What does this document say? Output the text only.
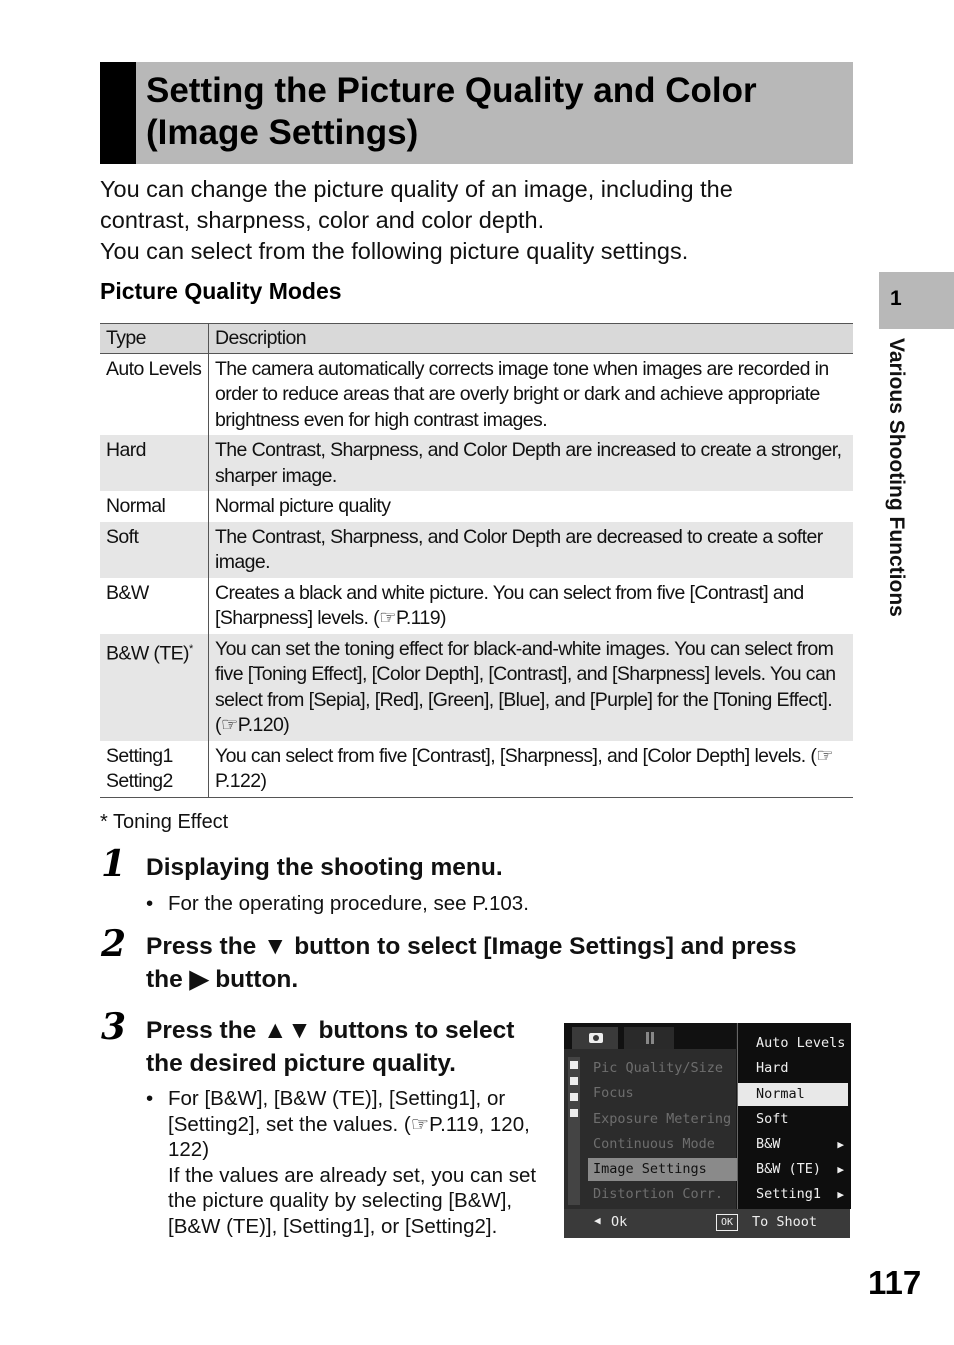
Setting the Picture Quality and Color
(Image Settings)

You can change the picture quality of an image, including the

contrast, sharpness, color and color depth.

You can select from the following picture quality settings.

Picture Quality Modes
Type	Description
Auto Levels	The camera automatically corrects image tone when images are recorded in order to reduce areas that are overly bright or dark and achieve appropriate brightness even for high contrast images.
Hard	The Contrast, Sharpness, and Color Depth are increased to create a stronger, sharper image.
Normal	Normal picture quality
Soft	The Contrast, Sharpness, and Color Depth are decreased to create a softer image.
B&W	Creates a black and white picture. You can select from five [Contrast] and [Sharpness] levels. (☞P.119)
B&W (TE)*	You can set the toning effect for black-and-white images. You can select from five [Toning Effect], [Color Depth], [Contrast], and [Sharpness] levels. You can select from [Sepia], [Red], [Green], [Blue], and [Purple] for the [Toning Effect]. (☞P.120)

Setting1
Setting2	You can select from five [Contrast], [Sharpness], and [Color Depth] levels. (☞P.122)
* Toning Effect
1 Displaying the shooting menu.
• For the operating procedure, see P.103.
2 Press the ▼ button to select [Image Settings] and press
the ▶ button.
3 Press the ▲▼ buttons to select
the desired picture quality.
• For [B&W], [B&W (TE)], [Setting1], or [Setting2], set the values. (☞P.119, 120, 122)
If the values are already set, you can set the picture quality by selecting [B&W], [B&W (TE)], [Setting1], or [Setting2].
Pic Quality/Size
Focus
Exposure Metering
Continuous Mode
Image Settings
Distortion Corr.
Auto Levels
Hard
Normal
Soft
B&W	▶
B&W (TE) ▶
Setting1 ▶
◀ Ok	OK	To Shoot
1
Various Shooting Functions
117
